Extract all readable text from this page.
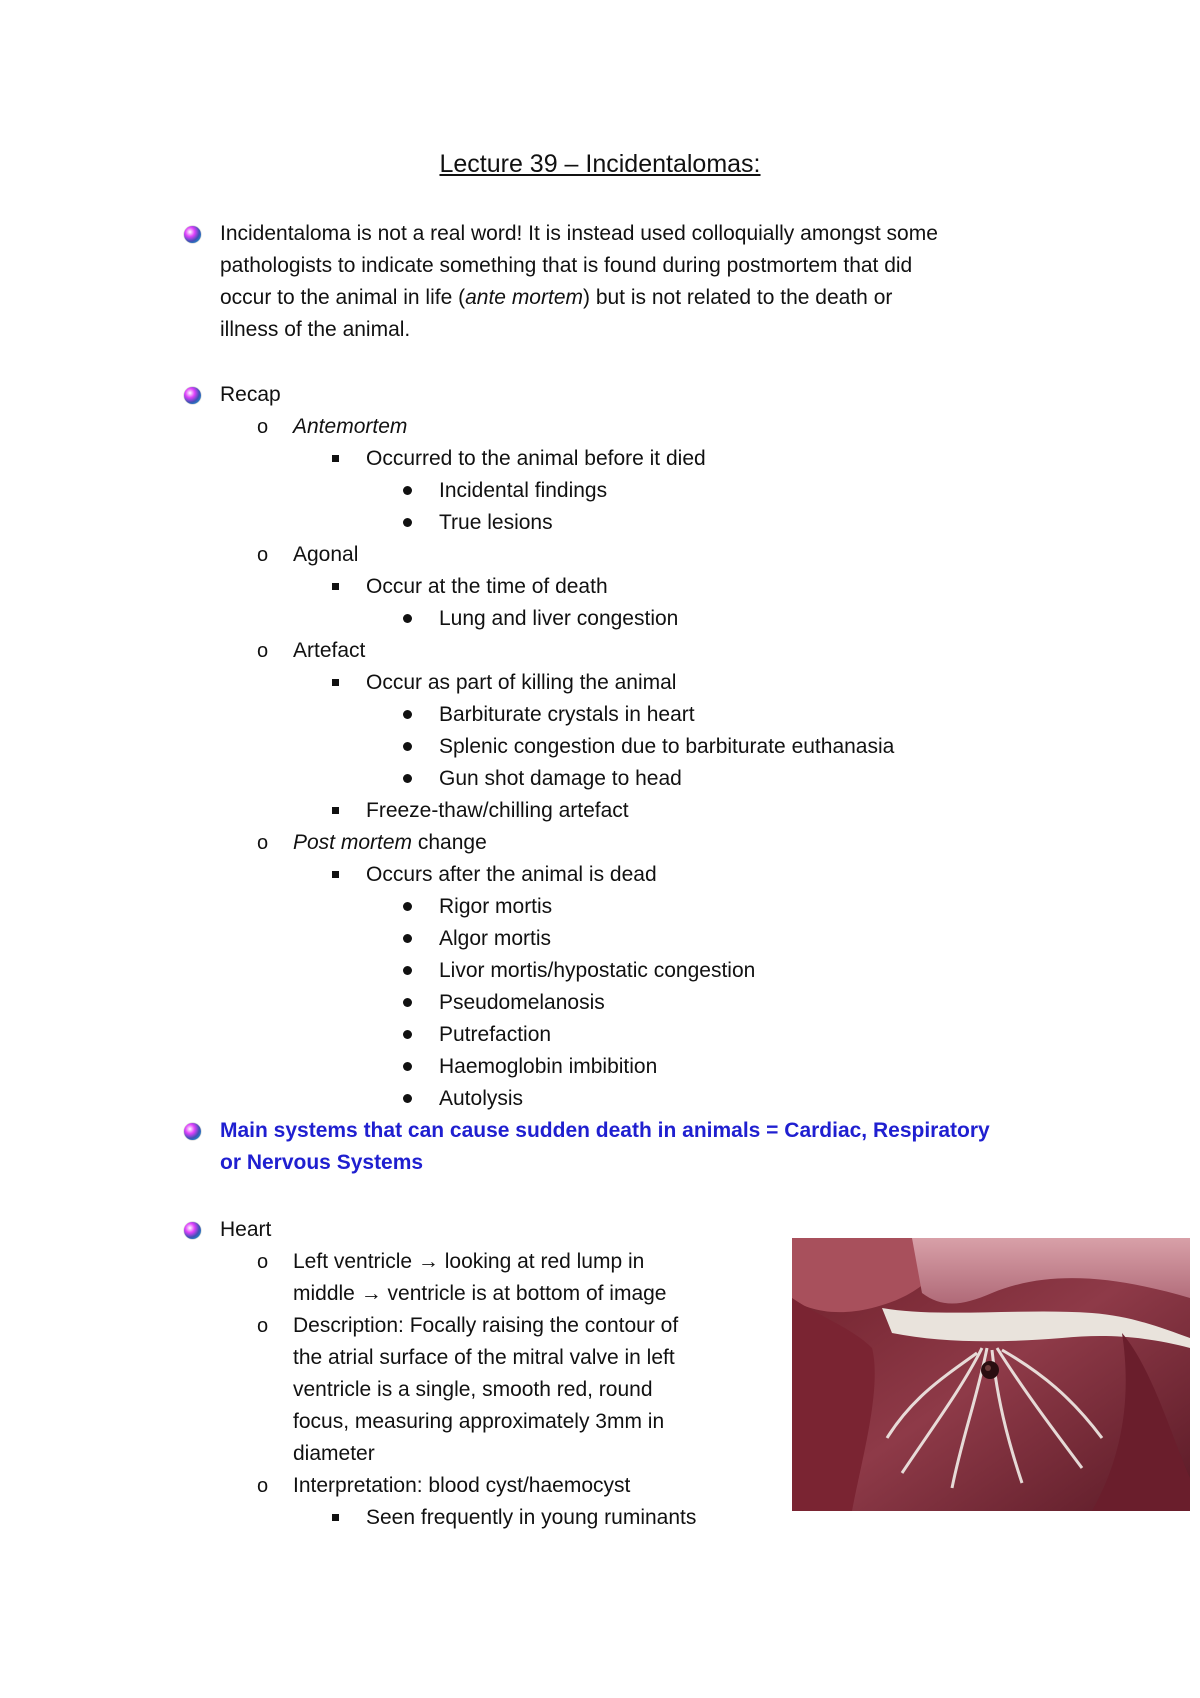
Lecture 39 – Incidentalomas:
Incidentaloma is not a real word! It is instead used colloquially amongst some
pathologists to indicate something that is found during postmortem that did
occur to the animal in life (ante mortem) but is not related to the death or
illness of the animal.
Recap
o Antemortem
Occurred to the animal before it died
Incidental findings
True lesions
o Agonal
Occur at the time of death
Lung and liver congestion
o Artefact
Occur as part of killing the animal
Barbiturate crystals in heart
Splenic congestion due to barbiturate euthanasia
Gun shot damage to head
Freeze-thaw/chilling artefact
o Post mortem change
Occurs after the animal is dead
Rigor mortis
Algor mortis
Livor mortis/hypostatic congestion
Pseudomelanosis
Putrefaction
Haemoglobin imbibition
Autolysis
Main systems that can cause sudden death in animals = Cardiac, Respiratory
or Nervous Systems
Heart
o Left ventricle → looking at red lump in
middle → ventricle is at bottom of image
o Description: Focally raising the contour of
the atrial surface of the mitral valve in left
ventricle is a single, smooth red, round
focus, measuring approximately 3mm in
diameter
o Interpretation: blood cyst/haemocyst
Seen frequently in young ruminants
